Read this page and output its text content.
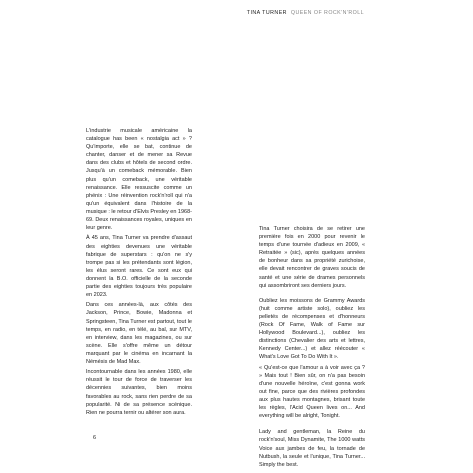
TINA TURNER QUEEN OF ROCK'N'ROLL

L'industrie musicale américaine la catalogue has been « nostalgia act » ? Qu'importe, elle se bat, continue de chanter, danser et de mener sa Revue dans des clubs et hôtels de second ordre. Jusqu'à un comeback mémorable. Bien plus qu'un comeback, une véritable renaissance. Elle ressuscite comme un phénix : Une réinvention rock'n'roll qui n'a qu'un équivalent dans l'histoire de la musique : le retour d'Elvis Presley en 1968-69. Deux renaissances royales, uniques en leur genre.

À 45 ans, Tina Turner va prendre d'assaut des eighties devenues une véritable fabrique de superstars : qu'on ne s'y trompe pas si les prétendants sont légion, les élus seront rares. Ce sont eux qui donnent la B.O. officielle de la seconde partie des eighties toujours très populaire en 2023.

Dans ces années-là, aux côtés des Jackson, Prince, Bowie, Madonna et Springsteen, Tina Turner est partout, tout le temps, en radio, en télé, au bal, sur MTV, en interview, dans les magazines, ou sur scène. Elle s'offre même un détour marquant par le cinéma en incarnant la Némésis de Mad Max.

Incontournable dans les années 1980, elle réussit le tour de force de traverser les décennies suivantes, bien moins favorables au rock, sans rien perdre de sa popularité. Ni de sa présence scénique. Rien ne pourra ternir ou altérer son aura.

Tina Turner choisira de se retirer une première fois en 2000 pour revenir le temps d'une tournée d'adieux en 2009, « Retraitée » (sic), après quelques années de bonheur dans sa propriété zurichoise, elle devait rencontrer de graves soucis de santé et une série de drames personnels qui assombriront ses derniers jours.

Oubliez les moissons de Grammy Awards (huit comme artiste solo), oubliez les pelletés de récompenses et d'honneurs (Rock Of Fame, Walk of Fame sur Hollywood Boulevard...), oubliez les distinctions (Chevalier des arts et lettres, Kennedy Center...) et allez réécouter « What's Love Got To Do With It ».

« Qu'est-ce que l'amour a à voir avec ça ? » Mais tout ! Bien sûr, on n'a pas besoin d'une nouvelle héroïne, c'est gonna work out fine, parce que des rivières profondes aux plus hautes montagnes, brisant toute les règles, l'Acid Queen lives on... And everything will be alright, Tonight.

Lady and gentleman, la Reine du rock'n'soul, Miss Dynamite, The 1000 watts Voice aux jambes de feu, la tornade de Nutbush, la seule et l'unique, Tina Turner... Simply the best.

6
